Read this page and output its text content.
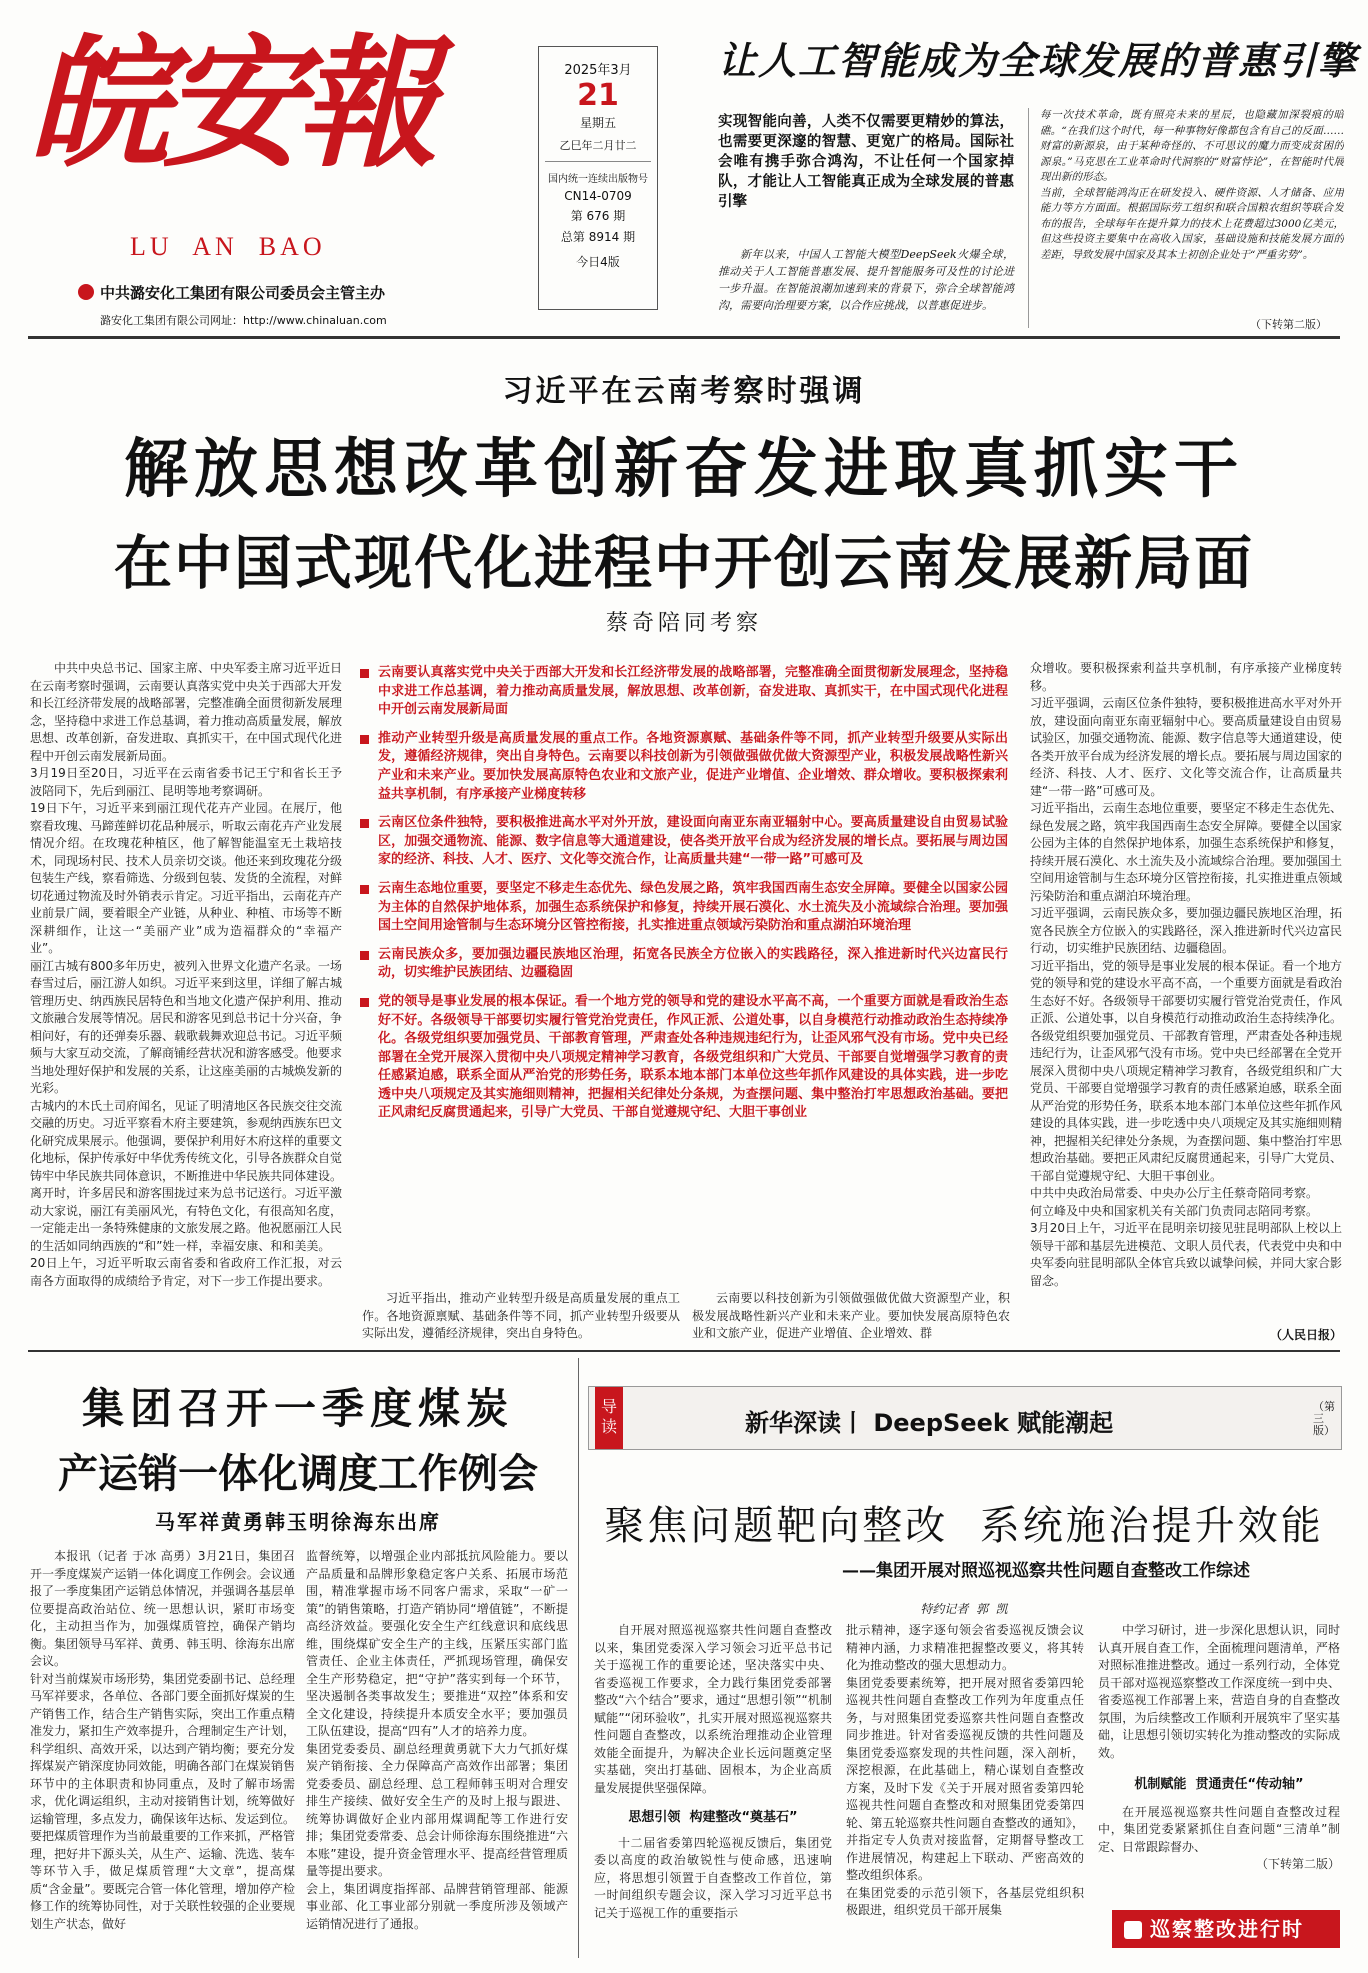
皖安報
LU  AN  BAO
中共潞安化工集团有限公司委员会主管主办
潞安化工集团有限公司网址：http://www.chinaluan.com
2025年3月
21
星期五
乙巳年二月廿二
国内统一连续出版物号
CN14-0709
第 676 期
总第 8914 期
今日4版
让人工智能成为全球发展的普惠引擎
实现智能向善，人类不仅需要更精妙的算法，也需要更深邃的智慧、更宽广的格局。国际社会唯有携手弥合鸿沟，不让任何一个国家掉队，才能让人工智能真正成为全球发展的普惠引擎
新年以来，中国人工智能大模型DeepSeek火爆全球，推动关于人工智能普惠发展、提升智能服务可及性的讨论进一步升温。在智能浪潮加速到来的背景下，弥合全球智能鸿沟，需要向治理要方案，以合作应挑战，以普惠促进步。
每一次技术革命，既有照亮未来的星辰，也隐藏加深裂痕的暗礁。“在我们这个时代，每一种事物好像都包含有自己的反面……财富的新源泉，由于某种奇怪的、不可思议的魔力而变成贫困的源泉。”马克思在工业革命时代洞察的“财富悖论”，在智能时代展现出新的形态。
当前，全球智能鸿沟正在研发投入、硬件资源、人才储备、应用能力等方方面面。根据国际劳工组织和联合国粮农组织等联合发布的报告，全球每年在提升算力的技术上花费超过3000亿美元，但这些投资主要集中在高收入国家，基础设施和技能发展方面的差距，导致发展中国家及其本土初创企业处于“严重劣势”。
（下转第二版）
习近平在云南考察时强调
解放思想改革创新奋发进取真抓实干
在中国式现代化进程中开创云南发展新局面
蔡奇陪同考察
中共中央总书记、国家主席、中央军委主席习近平近日在云南考察时强调，云南要认真落实党中央关于西部大开发和长江经济带发展的战略部署，完整准确全面贯彻新发展理念，坚持稳中求进工作总基调，着力推动高质量发展，解放思想、改革创新，奋发进取、真抓实干，在中国式现代化进程中开创云南发展新局面。
3月19日至20日，习近平在云南省委书记王宁和省长王予波陪同下，先后到丽江、昆明等地考察调研。
19日下午，习近平来到丽江现代花卉产业园。在展厅，他察看玫瑰、马蹄莲鲜切花品种展示，听取云南花卉产业发展情况介绍。在玫瑰花种植区，他了解智能温室无土栽培技术，同现场村民、技术人员亲切交谈。他还来到玫瑰花分级包装生产线，察看筛选、分级到包装、发货的全流程，对鲜切花通过物流及时外销表示肯定。习近平指出，云南花卉产业前景广阔，要着眼全产业链，从种业、种植、市场等不断深耕细作，让这一“美丽产业”成为造福群众的“幸福产业”。
丽江古城有800多年历史，被列入世界文化遗产名录。一场春雪过后，丽江游人如织。习近平来到这里，详细了解古城管理历史、纳西族民居特色和当地文化遗产保护利用、推动文旅融合发展等情况。居民和游客见到总书记十分兴奋，争相问好，有的还弹奏乐器、载歌载舞欢迎总书记。习近平频频与大家互动交流，了解商铺经营状况和游客感受。他要求当地处理好保护和发展的关系，让这座美丽的古城焕发新的光彩。
古城内的木氏土司府闻名，见证了明清地区各民族交往交流交融的历史。习近平察看木府主要建筑，参观纳西族东巴文化研究成果展示。他强调，要保护利用好木府这样的重要文化地标，保护传承好中华优秀传统文化，引导各族群众自觉铸牢中华民族共同体意识，不断推进中华民族共同体建设。
离开时，许多居民和游客围拢过来为总书记送行。习近平激动大家说，丽江有美丽风光，有特色文化，有很高知名度，一定能走出一条特殊健康的文旅发展之路。他祝愿丽江人民的生活如同纳西族的“和”姓一样，幸福安康、和和美美。
20日上午，习近平听取云南省委和省政府工作汇报，对云南各方面取得的成绩给予肯定，对下一步工作提出要求。

云南要认真落实党中央关于西部大开发和长江经济带发展的战略部署，完整准确全面贯彻新发展理念，坚持稳中求进工作总基调，着力推动高质量发展，解放思想、改革创新，奋发进取、真抓实干，在中国式现代化进程中开创云南发展新局面

推动产业转型升级是高质量发展的重点工作。各地资源禀赋、基础条件等不同，抓产业转型升级要从实际出发，遵循经济规律，突出自身特色。云南要以科技创新为引领做强做优做大资源型产业，积极发展战略性新兴产业和未来产业。要加快发展高原特色农业和文旅产业，促进产业增值、企业增效、群众增收。要积极探索利益共享机制，有序承接产业梯度转移

云南区位条件独特，要积极推进高水平对外开放，建设面向南亚东南亚辐射中心。要高质量建设自由贸易试验区，加强交通物流、能源、数字信息等大通道建设，使各类开放平台成为经济发展的增长点。要拓展与周边国家的经济、科技、人才、医疗、文化等交流合作，让高质量共建“一带一路”可感可及

云南生态地位重要，要坚定不移走生态优先、绿色发展之路，筑牢我国西南生态安全屏障。要健全以国家公园为主体的自然保护地体系，加强生态系统保护和修复，持续开展石漠化、水土流失及小流域综合治理。要加强国土空间用途管制与生态环境分区管控衔接，扎实推进重点领域污染防治和重点湖泊环境治理

云南民族众多，要加强边疆民族地区治理，拓宽各民族全方位嵌入的实践路径，深入推进新时代兴边富民行动，切实维护民族团结、边疆稳固

党的领导是事业发展的根本保证。看一个地方党的领导和党的建设水平高不高，一个重要方面就是看政治生态好不好。各级领导干部要切实履行管党治党责任，作风正派、公道处事，以自身模范行动推动政治生态持续净化。各级党组织要加强党员、干部教育管理，严肃查处各种违规违纪行为，让歪风邪气没有市场。党中央已经部署在全党开展深入贯彻中央八项规定精神学习教育，各级党组织和广大党员、干部要自觉增强学习教育的责任感紧迫感，联系全面从严治党的形势任务，联系本地本部门本单位这些年抓作风建设的具体实践，进一步吃透中央八项规定及其实施细则精神，把握相关纪律处分条规，为查摆问题、集中整治打牢思想政治基础。要把正风肃纪反腐贯通起来，引导广大党员、干部自觉遵规守纪、大胆干事创业

习近平指出，推动产业转型升级是高质量发展的重点工作。各地资源禀赋、基础条件等不同，抓产业转型升级要从实际出发，遵循经济规律，突出自身特色。
云南要以科技创新为引领做强做优做大资源型产业，积极发展战略性新兴产业和未来产业。要加快发展高原特色农业和文旅产业，促进产业增值、企业增效、群
众增收。要积极探索利益共享机制，有序承接产业梯度转移。
习近平强调，云南区位条件独特，要积极推进高水平对外开放，建设面向南亚东南亚辐射中心。要高质量建设自由贸易试验区，加强交通物流、能源、数字信息等大通道建设，使各类开放平台成为经济发展的增长点。要拓展与周边国家的经济、科技、人才、医疗、文化等交流合作，让高质量共建“一带一路”可感可及。
习近平指出，云南生态地位重要，要坚定不移走生态优先、绿色发展之路，筑牢我国西南生态安全屏障。要健全以国家公园为主体的自然保护地体系，加强生态系统保护和修复，持续开展石漠化、水土流失及小流域综合治理。要加强国土空间用途管制与生态环境分区管控衔接，扎实推进重点领域污染防治和重点湖泊环境治理。
习近平强调，云南民族众多，要加强边疆民族地区治理，拓宽各民族全方位嵌入的实践路径，深入推进新时代兴边富民行动，切实维护民族团结、边疆稳固。
习近平指出，党的领导是事业发展的根本保证。看一个地方党的领导和党的建设水平高不高，一个重要方面就是看政治生态好不好。各级领导干部要切实履行管党治党责任，作风正派、公道处事，以自身模范行动推动政治生态持续净化。各级党组织要加强党员、干部教育管理，严肃查处各种违规违纪行为，让歪风邪气没有市场。党中央已经部署在全党开展深入贯彻中央八项规定精神学习教育，各级党组织和广大党员、干部要自觉增强学习教育的责任感紧迫感，联系全面从严治党的形势任务，联系本地本部门本单位这些年抓作风建设的具体实践，进一步吃透中央八项规定及其实施细则精神，把握相关纪律处分条规，为查摆问题、集中整治打牢思想政治基础。要把正风肃纪反腐贯通起来，引导广大党员、干部自觉遵规守纪、大胆干事创业。
中共中央政治局常委、中央办公厅主任蔡奇陪同考察。
何立峰及中央和国家机关有关部门负责同志陪同考察。
3月20日上午，习近平在昆明亲切接见驻昆明部队上校以上领导干部和基层先进模范、文职人员代表，代表党中央和中央军委向驻昆明部队全体官兵致以诚挚问候，并同大家合影留念。
（人民日报）
集团召开一季度煤炭
产运销一体化调度工作例会
马军祥黄勇韩玉明徐海东出席
本报讯（记者 于冰 高勇）3月21日，集团召开一季度煤炭产运销一体化调度工作例会。会议通报了一季度集团产运销总体情况，并强调各基层单位要提高政治站位、统一思想认识，紧盯市场变化，主动担当作为，加强煤质管控，确保产销均衡。集团领导马军祥、黄勇、韩玉明、徐海东出席会议。
针对当前煤炭市场形势，集团党委副书记、总经理马军祥要求，各单位、各部门要全面抓好煤炭的生产销售工作，结合生产销售实际，突出工作重点精准发力，紧扣生产效率提升，合理制定生产计划，科学组织、高效开采，以达到产销均衡；要充分发挥煤炭产销深度协同效能，明确各部门在煤炭销售环节中的主体职责和协同重点，及时了解市场需求，优化调运组织，主动对接销售计划，统筹做好运输管理，多点发力，确保该年达标、发运到位。要把煤质管理作为当前最重要的工作来抓，严格管理，把好井下源头关，从生产、运输、洗选、装车等环节入手，做足煤质管理“大文章”，提高煤质“含金量”。要既完合管一体化管理，增加停产检修工作的统筹协同性，对于关联性较强的企业要规划生产状态，做好
监督统筹，以增强企业内部抵抗风险能力。要以产品质量和品牌形象稳定客户关系、拓展市场范围，精准掌握市场不同客户需求，采取“一矿一策”的销售策略，打造产销协同“增值链”，不断提高经济效益。要强化安全生产红线意识和底线思维，围绕煤矿安全生产的主线，压紧压实部门监管责任、企业主体责任，严抓现场管理，确保安全生产形势稳定，把“守护”落实到每一个环节，坚决遏制各类事故发生；要推进“双控”体系和安全文化建设，持续提升本质安全水平；要加强员工队伍建设，提高“四有”人才的培养力度。
集团党委委员、副总经理黄勇就下大力气抓好煤炭产销衔接、全力保障高产高效作出部署；集团党委委员、副总经理、总工程师韩玉明对合理安排生产接续、做好安全生产的及时上报与跟进、统筹协调做好企业内部用煤调配等工作进行安排；集团党委常委、总会计师徐海东围绕推进“六本账”建设，提升资金管理水平、提高经营管理质量等提出要求。
会上，集团调度指挥部、品牌营销管理部、能源事业部、化工事业部分别就一季度所涉及领域产运销情况进行了通报。
导读	新华深读丨 DeepSeek 赋能潮起
（第三版）
聚焦问题靶向整改  系统施治提升效能
——集团开展对照巡视巡察共性问题自查整改工作综述
特约记者  郭  凯
自开展对照巡视巡察共性问题自查整改以来，集团党委深入学习领会习近平总书记关于巡视工作的重要论述，坚决落实中央、省委巡视工作要求，全力践行集团党委部署整改“六个结合”要求，通过“思想引领”“机制赋能”“闭环验收”，扎实开展对照巡视巡察共性问题自查整改，以系统治理推动企业管理效能全面提升，为解决企业长远问题奠定坚实基础，突出打基础、固根本，为企业高质量发展提供坚强保障。
思想引领  构建整改“奠基石”
十二届省委第四轮巡视反馈后，集团党委以高度的政治敏锐性与使命感，迅速响应，将思想引领置于自查整改工作首位，第一时间组织专题会议，深入学习习近平总书记关于巡视工作的重要指示
批示精神，逐字逐句领会省委巡视反馈会议精神内涵，力求精准把握整改要义，将其转化为推动整改的强大思想动力。
集团党委要素统筹，把开展对照省委第四轮巡视共性问题自查整改工作列为年度重点任务，与对照集团党委巡察共性问题自查整改同步推进。针对省委巡视反馈的共性问题及集团党委巡察发现的共性问题，深入剖析，深挖根源，在此基础上，精心谋划自查整改方案，及时下发《关于开展对照省委第四轮巡视共性问题自查整改和对照集团党委第四轮、第五轮巡察共性问题自查整改的通知》，并指定专人负责对接监督，定期督导整改工作进展情况，构建起上下联动、严密高效的整改组织体系。
在集团党委的示范引领下，各基层党组织积极跟进，组织党员干部开展集
中学习研讨，进一步深化思想认识，同时认真开展自查工作，全面梳理问题清单，严格对照标准推进整改。通过一系列行动，全体党员干部对巡视巡察整改工作深度统一到中央、省委巡视工作部署上来，营造自身的自查整改氛围，为后续整改工作顺利开展筑牢了坚实基础，让思想引领切实转化为推动整改的实际成效。
机制赋能  贯通责任“传动轴”
在开展巡视巡察共性问题自查整改过程中，集团党委紧紧抓住自查问题“三清单”制定、日常跟踪督办、
（下转第二版）
巡察整改进行时
